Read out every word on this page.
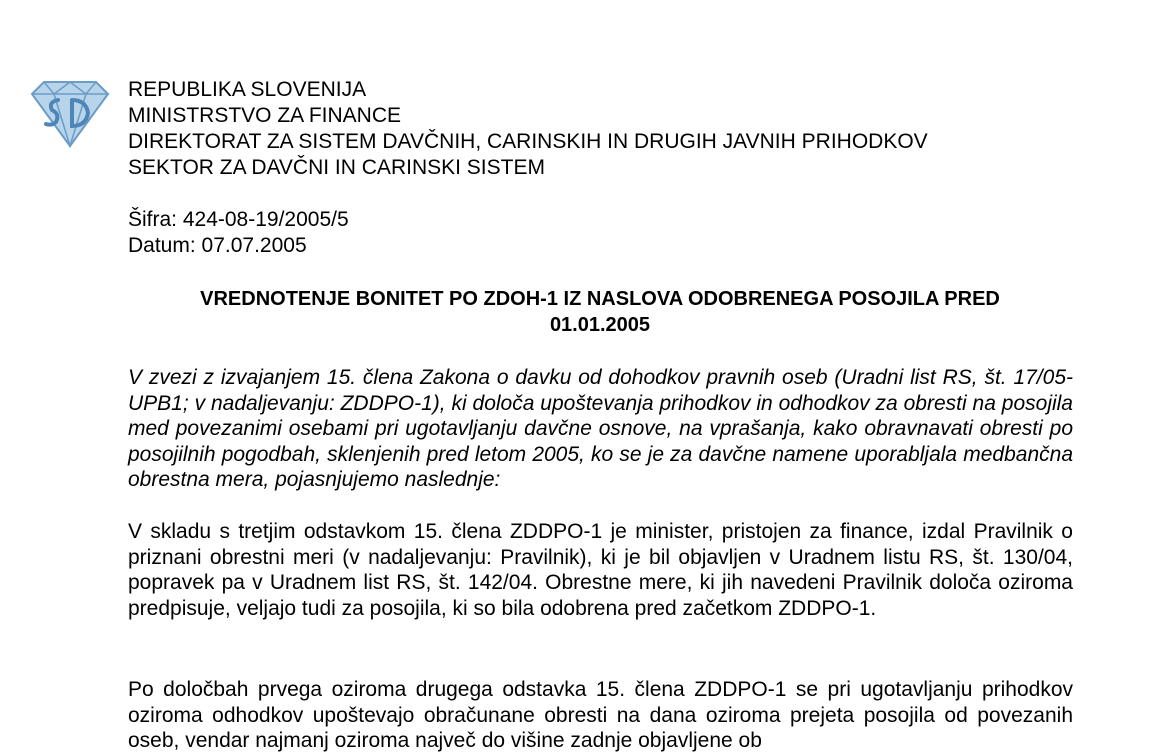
REPUBLIKA SLOVENIJA
MINISTRSTVO ZA FINANCE
DIREKTORAT ZA SISTEM DAVČNIH, CARINSKIH IN DRUGIH JAVNIH PRIHODKOV
SEKTOR ZA DAVČNI IN CARINSKI SISTEM
Šifra: 424-08-19/2005/5
Datum: 07.07.2005
VREDNOTENJE BONITET PO ZDOH-1 IZ NASLOVA ODOBRENEGA POSOJILA PRED
01.01.2005

V zvezi z izvajanjem 15. člena Zakona o davku od dohodkov pravnih oseb (Uradni list RS, št. 17/05-UPB1; v nadaljevanju: ZDDPO-1), ki določa upoštevanja prihodkov in odhodkov za obresti na posojila med povezanimi osebami pri ugotavljanju davčne osnove, na vprašanja, kako obravnavati obresti po posojilnih pogodbah, sklenjenih pred letom 2005, ko se je za davčne namene uporabljala medbančna obrestna mera, pojasnjujemo naslednje:

V skladu s tretjim odstavkom 15. člena ZDDPO-1 je minister, pristojen za finance, izdal Pravilnik o priznani obrestni meri (v nadaljevanju: Pravilnik), ki je bil objavljen v Uradnem listu RS, št. 130/04, popravek pa v Uradnem list RS, št. 142/04. Obrestne mere, ki jih navedeni Pravilnik določa oziroma predpisuje, veljajo tudi za posojila, ki so bila odobrena pred začetkom ZDDPO-1.

Po določbah prvega oziroma drugega odstavka 15. člena ZDDPO-1 se pri ugotavljanju prihodkov oziroma odhodkov upoštevajo obračunane obresti na dana oziroma prejeta posojila od povezanih oseb, vendar najmanj oziroma največ do višine zadnje objavljene ob
